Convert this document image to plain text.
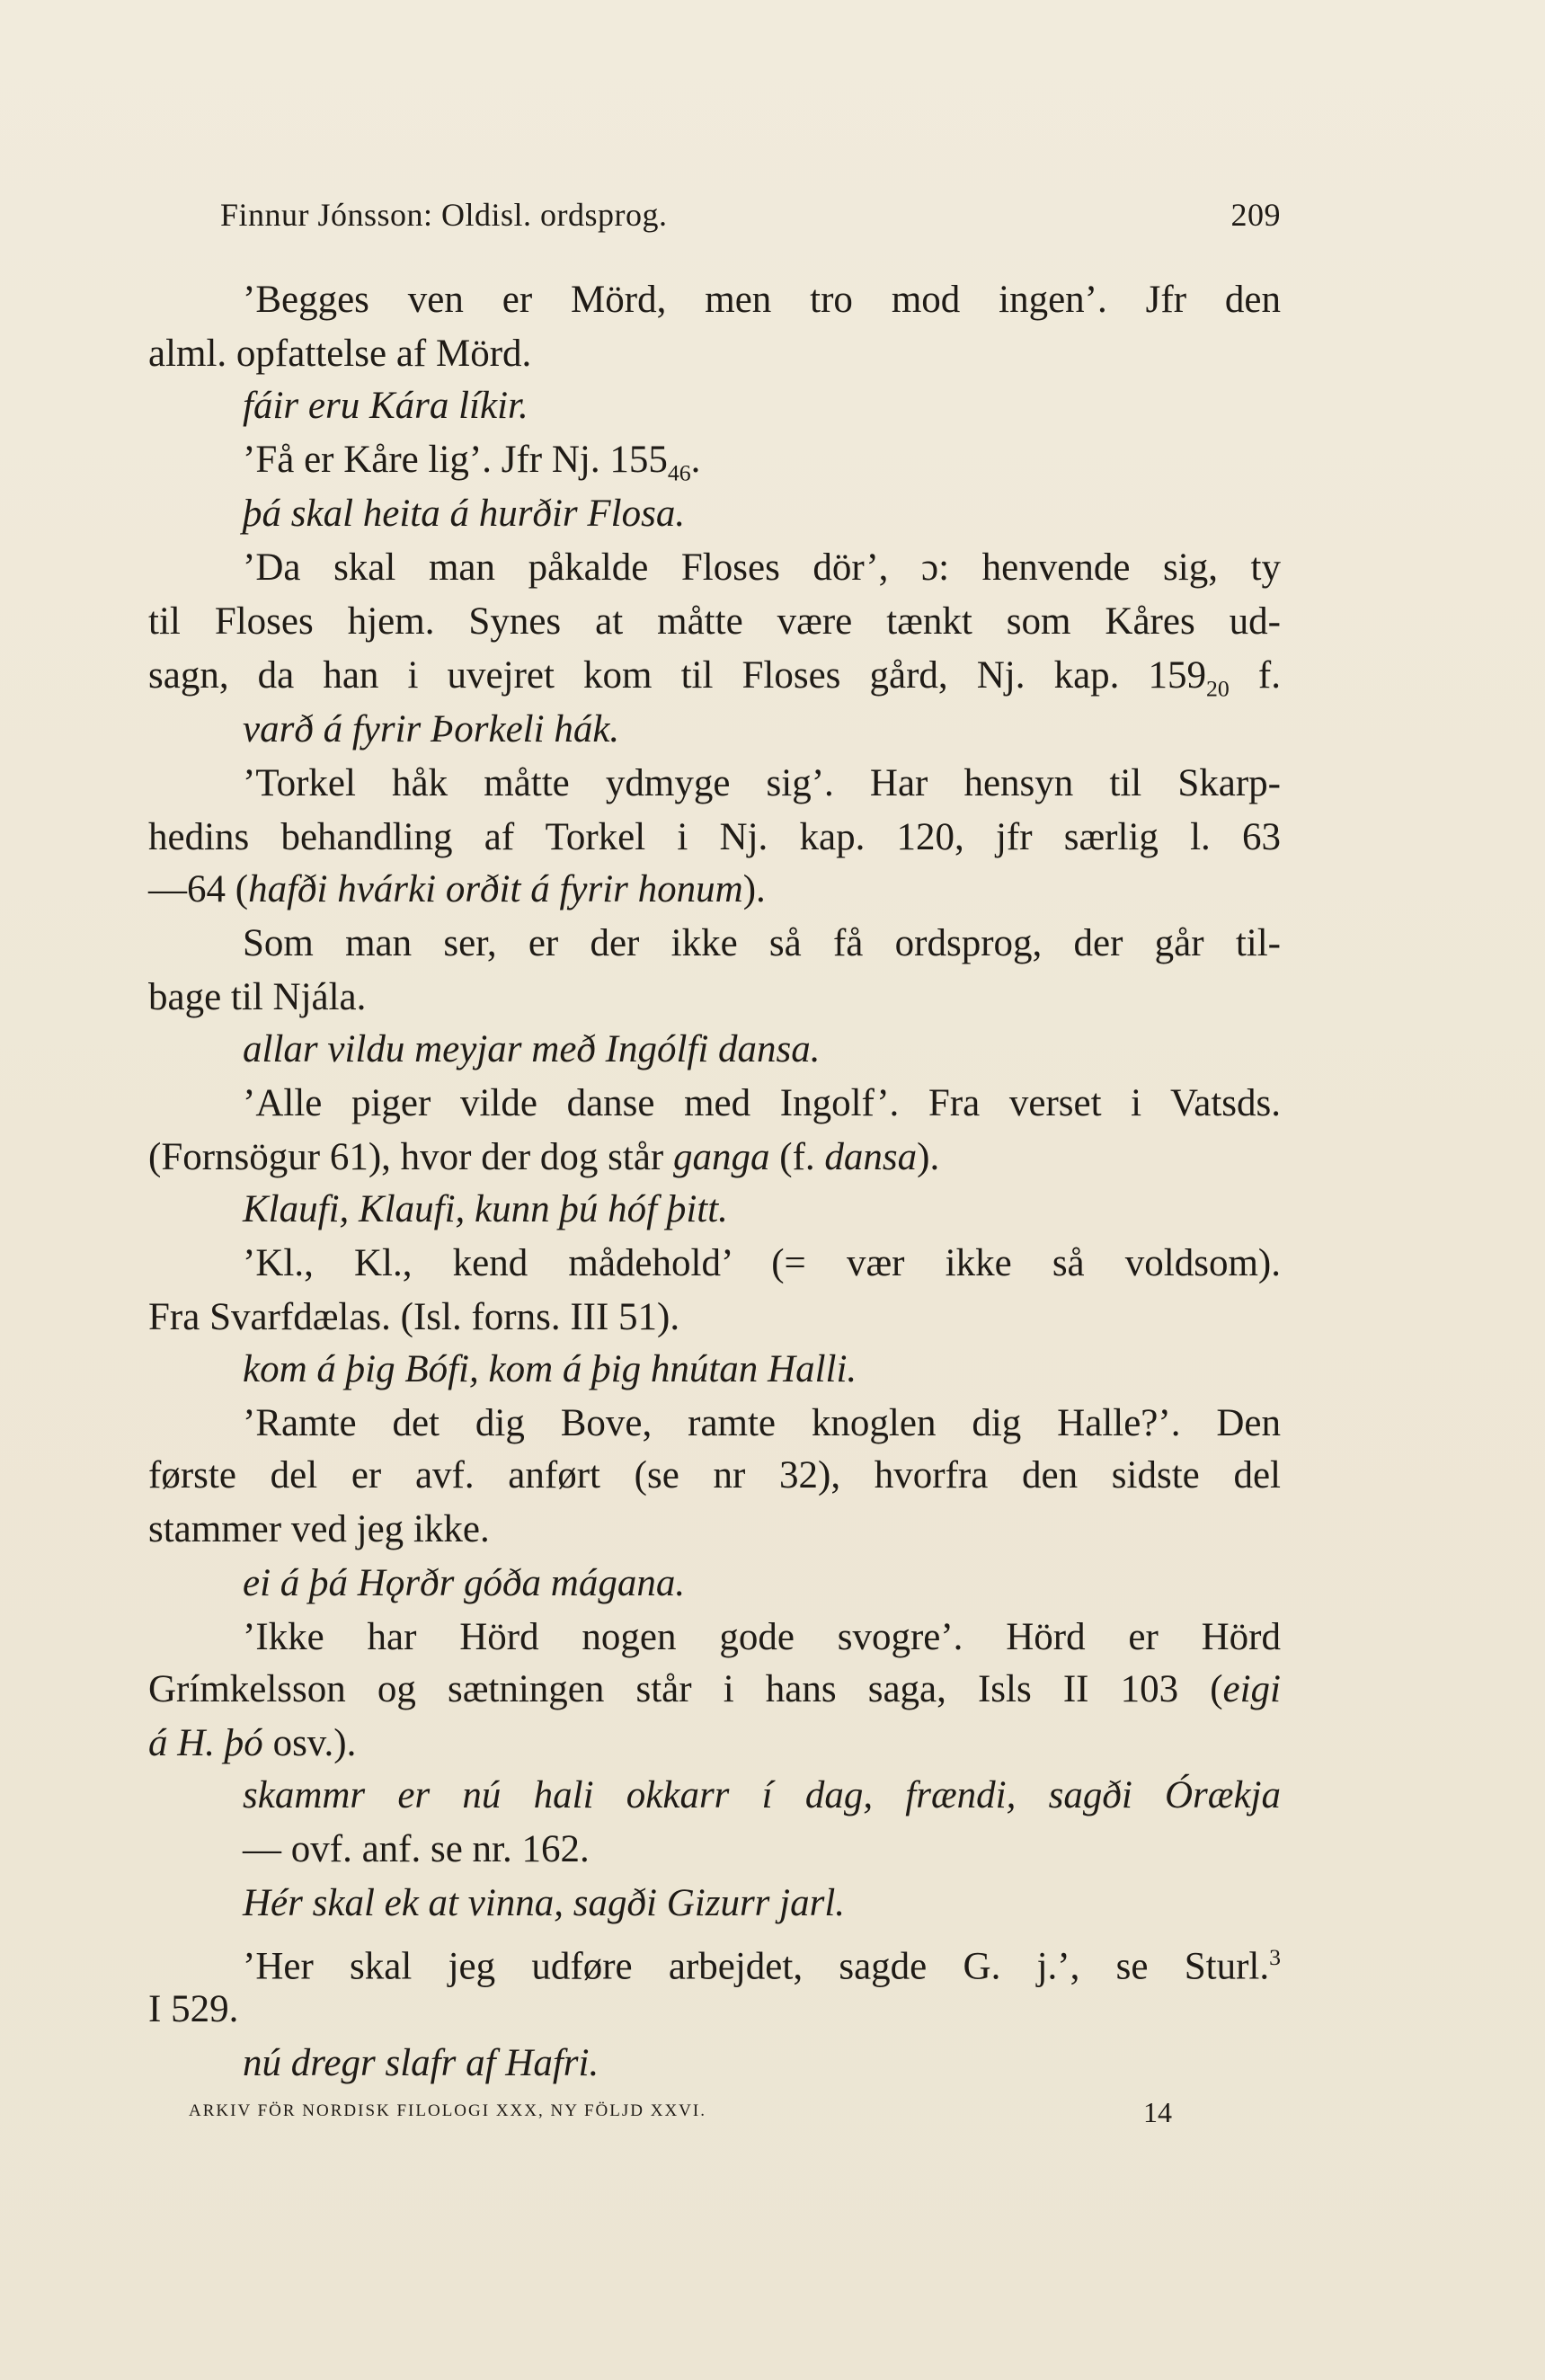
Finnur Jónsson: Oldisl. ordsprog.	209
’Begges ven er Mörd, men tro mod ingen’. Jfr den
alml. opfattelse af Mörd.
fáir eru Kára líkir.
’Få er Kåre lig’. Jfr Nj. $155_{46}$.
þá skal heita á hurðir Flosa.
’Da skal man påkalde Floses dör’, ɔ: henvende sig, ty
til Floses hjem. Synes at måtte være tænkt som Kåres ud-
sagn, da han i uvejret kom til Floses gård, Nj. kap. $159_{20}$ f.
varð á fyrir Þorkeli hák.
’Torkel håk måtte ydmyge sig’. Har hensyn til Skarp-
hedins behandling af Torkel i Nj. kap. 120, jfr særlig l. 63
—64 (hafði hvárki orðit á fyrir honum).
Som man ser, er der ikke så få ordsprog, der går til-
bage til Njála.
allar vildu meyjar með Ingólfi dansa.
’Alle piger vilde danse med Ingolf’. Fra verset i Vatsds.
(Fornsögur 61), hvor der dog står ganga (f. dansa).
Klaufi, Klaufi, kunn þú hóf þitt.
’Kl., Kl., kend mådehold’ (= vær ikke så voldsom).
Fra Svarfdælas. (Isl. forns. III 51).
kom á þig Bófi, kom á þig hnútan Halli.
’Ramte det dig Bove, ramte knoglen dig Halle?’. Den
første del er avf. anført (se nr 32), hvorfra den sidste del
stammer ved jeg ikke.
ei á þá Hǫrðr góða mágana.
’Ikke har Hörd nogen gode svogre’. Hörd er Hörd
Grímkelsson og sætningen står i hans saga, Isls II 103 (eigi
á H. þó osv.).
skammr er nú hali okkarr í dag, frændi, sagði Órækja
— ovf. anf. se nr. 162.
Hér skal ek at vinna, sagði Gizurr jarl.
’Her skal jeg udføre arbejdet, sagde G. j.’, se Sturl.$^3$
I 529.
nú dregr slafr af Hafri.
ARKIV FÖR NORDISK FILOLOGI XXX, NY FÖLJD XXVI.	14
